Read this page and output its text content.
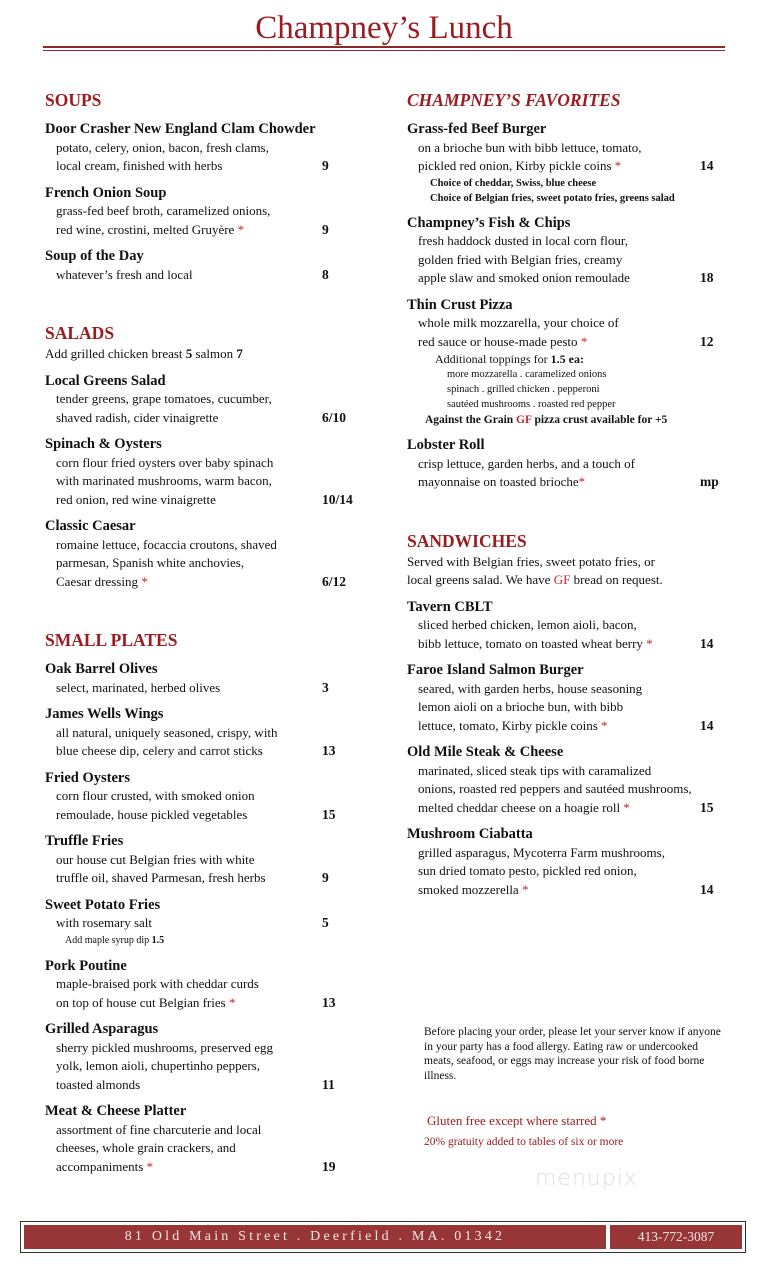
Champney’s Lunch
SOUPS
Door Crasher New England Clam Chowder
potato, celery, onion, bacon, fresh clams,
local cream, finished with herbs	9
French Onion Soup
grass-fed beef broth, caramelized onions,
red wine, crostini, melted Gruyère *	9
Soup of the Day
whatever’s fresh and local	8
SALADS
Add grilled chicken breast 5 salmon 7
Local Greens Salad
tender greens, grape tomatoes, cucumber,
shaved radish, cider vinaigrette	6/10
Spinach & Oysters
corn flour fried oysters over baby spinach
with marinated mushrooms, warm bacon,
red onion, red wine vinaigrette	10/14
Classic Caesar
romaine lettuce, focaccia croutons, shaved
parmesan, Spanish white anchovies,
Caesar dressing *	6/12
SMALL PLATES
Oak Barrel Olives
select, marinated, herbed olives	3
James Wells Wings
all natural, uniquely seasoned, crispy, with
blue cheese dip, celery and carrot sticks	13
Fried Oysters
corn flour crusted, with smoked onion
remoulade, house pickled vegetables	15
Truffle Fries
our house cut Belgian fries with white
truffle oil, shaved Parmesan, fresh herbs	9
Sweet Potato Fries
with rosemary salt	5
Add maple syrup dip 1.5
Pork Poutine
maple-braised pork with cheddar curds
on top of house cut Belgian fries *	13
Grilled Asparagus
sherry pickled mushrooms, preserved egg
yolk, lemon aioli, chupertinho peppers,
toasted almonds	11
Meat & Cheese Platter
assortment of fine charcuterie and local
cheeses, whole grain crackers, and
accompaniments *	19
CHAMPNEY’S FAVORITES
Grass-fed Beef Burger
on a brioche bun with bibb lettuce, tomato,
pickled red onion, Kirby pickle coins *	14
Choice of cheddar, Swiss, blue cheese
Choice of Belgian fries, sweet potato fries, greens salad
Champney’s Fish & Chips
fresh haddock dusted in local corn flour,
golden fried with Belgian fries, creamy
apple slaw and smoked onion remoulade	18
Thin Crust Pizza
whole milk mozzarella, your choice of
red sauce or house-made pesto *	12
Additional toppings for 1.5 ea:
more mozzarella . caramelized onions
spinach . grilled chicken . pepperoni
sautéed mushrooms . roasted red pepper
Against the Grain GF pizza crust available for +5
Lobster Roll
crisp lettuce, garden herbs, and a touch of
mayonnaise on toasted brioche*	mp
SANDWICHES
Served with Belgian fries, sweet potato fries, or
local greens salad. We have GF bread on request.
Tavern CBLT
sliced herbed chicken, lemon aioli, bacon,
bibb lettuce, tomato on toasted wheat berry *	14
Faroe Island Salmon Burger
seared, with garden herbs, house seasoning
lemon aioli on a brioche bun, with bibb
lettuce, tomato, Kirby pickle coins *	14
Old Mile Steak & Cheese
marinated, sliced steak tips with caramalized
onions, roasted red peppers and sautéed mushrooms,
melted cheddar cheese on a hoagie roll *	15
Mushroom Ciabatta
grilled asparagus, Mycoterra Farm mushrooms,
sun dried tomato pesto, pickled red onion,
smoked mozzerella *	14
Before placing your order, please let your server know if anyone in your party has a food allergy. Eating raw or undercooked meats, seafood, or eggs may increase your risk of food borne illness.
Gluten free except where starred *
20% gratuity added to tables of six or more
menupix
81 Old Main Street . Deerfield . MA. 01342	413-772-3087
